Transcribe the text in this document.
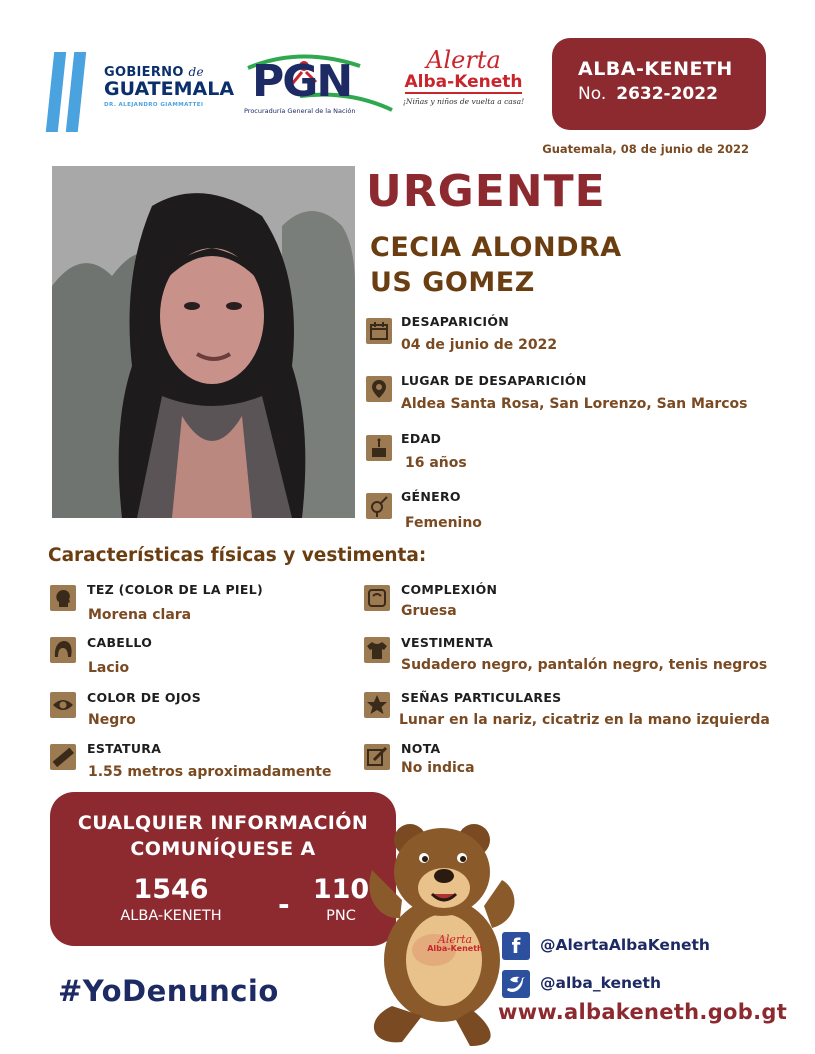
GOBIERNO de
GUATEMALA
DR. ALEJANDRO GIAMMATTEI	PGN
Procuraduría General de la Nación
Alerta
Alba-Keneth
¡Niñas y niños de vuelta a casa!
ALBA-KENETH
No. 2632-2022
Guatemala, 08 de junio de 2022
URGENTE
CECIA ALONDRA
US GOMEZ
DESAPARICIÓN
04 de junio de 2022
LUGAR DE DESAPARICIÓN
Aldea Santa Rosa, San Lorenzo, San Marcos
EDAD
16 años
GÉNERO
Femenino
Características físicas y vestimenta:
TEZ (COLOR DE LA PIEL)
Morena clara
CABELLO
Lacio
COLOR DE OJOS
Negro
ESTATURA
1.55 metros aproximadamente
COMPLEXIÓN
Gruesa
VESTIMENTA
Sudadero negro, pantalón negro, tenis negros
SEÑAS PARTICULARES
Lunar en la nariz, cicatriz en la mano izquierda
NOTA
No indica
CUALQUIER INFORMACIÓN
COMUNÍQUESE A
1546
ALBA-KENETH	- 110
PNC
Alerta
Alba-Keneth	f	@AlertaAlbaKeneth
@alba_keneth
#YoDenuncio
www.albakeneth.gob.gt
